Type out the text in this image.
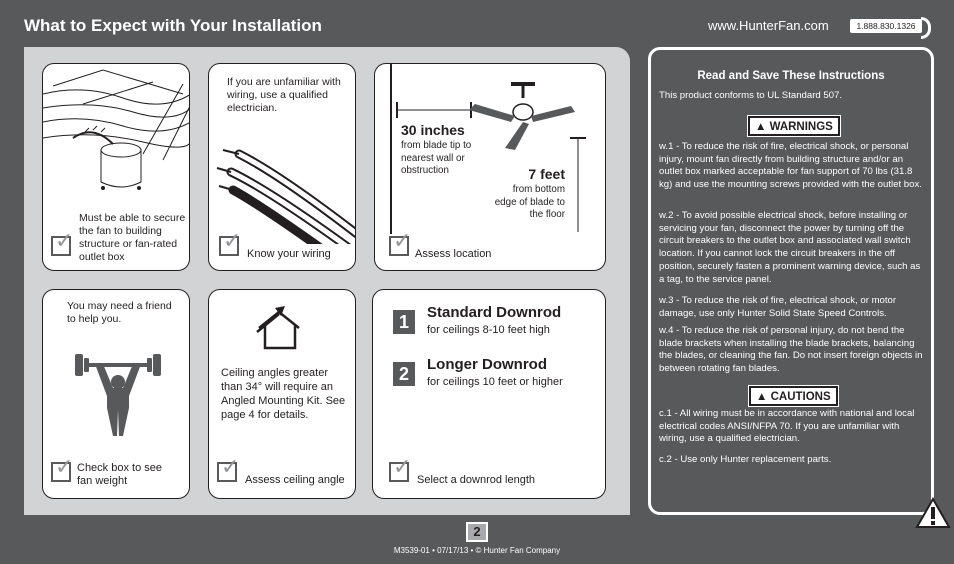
What to Expect with Your Installation	www.HunterFan.com	1.888.830.1326
Must be able to secure the fan to building structure or fan-rated outlet box
✓
If you are unfamiliar with wiring, use a qualified electrician.
✓
Know your wiring
30 inches
from blade tip to nearest wall or obstruction	7 feet
from bottom edge of blade to the floor
✓
Assess location
You may need a friend to help you.
✓ Check box to see fan weight
Ceiling angles greater than 34° will require an Angled Mounting Kit. See page 4 for details.
✓
Assess ceiling angle
1	Standard Downrod
for ceilings 8-10 feet high
2	Longer Downrod
for ceilings 10 feet or higher
✓
Select a downrod length
Read and Save These Instructions
This product conforms to UL Standard 507.
▲ WARNINGS
w.1 - To reduce the risk of fire, electrical shock, or personal injury, mount fan directly from building structure and/or an outlet box marked acceptable for fan support of 70 lbs (31.8 kg) and use the mounting screws provided with the outlet box.
w.2 - To avoid possible electrical shock, before installing or servicing your fan, disconnect the power by turning off the circuit breakers to the outlet box and associated wall switch location. If you cannot lock the circuit breakers in the off position, securely fasten a prominent warning device, such as a tag, to the service panel.
w.3 - To reduce the risk of fire, electrical shock, or motor damage, use only Hunter Solid State Speed Controls.
w.4 - To reduce the risk of personal injury, do not bend the blade brackets when installing the blade brackets, balancing the blades, or cleaning the fan. Do not insert foreign objects in between rotating fan blades.
▲ CAUTIONS
c.1 - All wiring must be in accordance with national and local electrical codes ANSI/NFPA 70. If you are unfamiliar with wiring, use a qualified electrician.
c.2 - Use only Hunter replacement parts.
2
M3539-01 • 07/17/13 • © Hunter Fan Company
